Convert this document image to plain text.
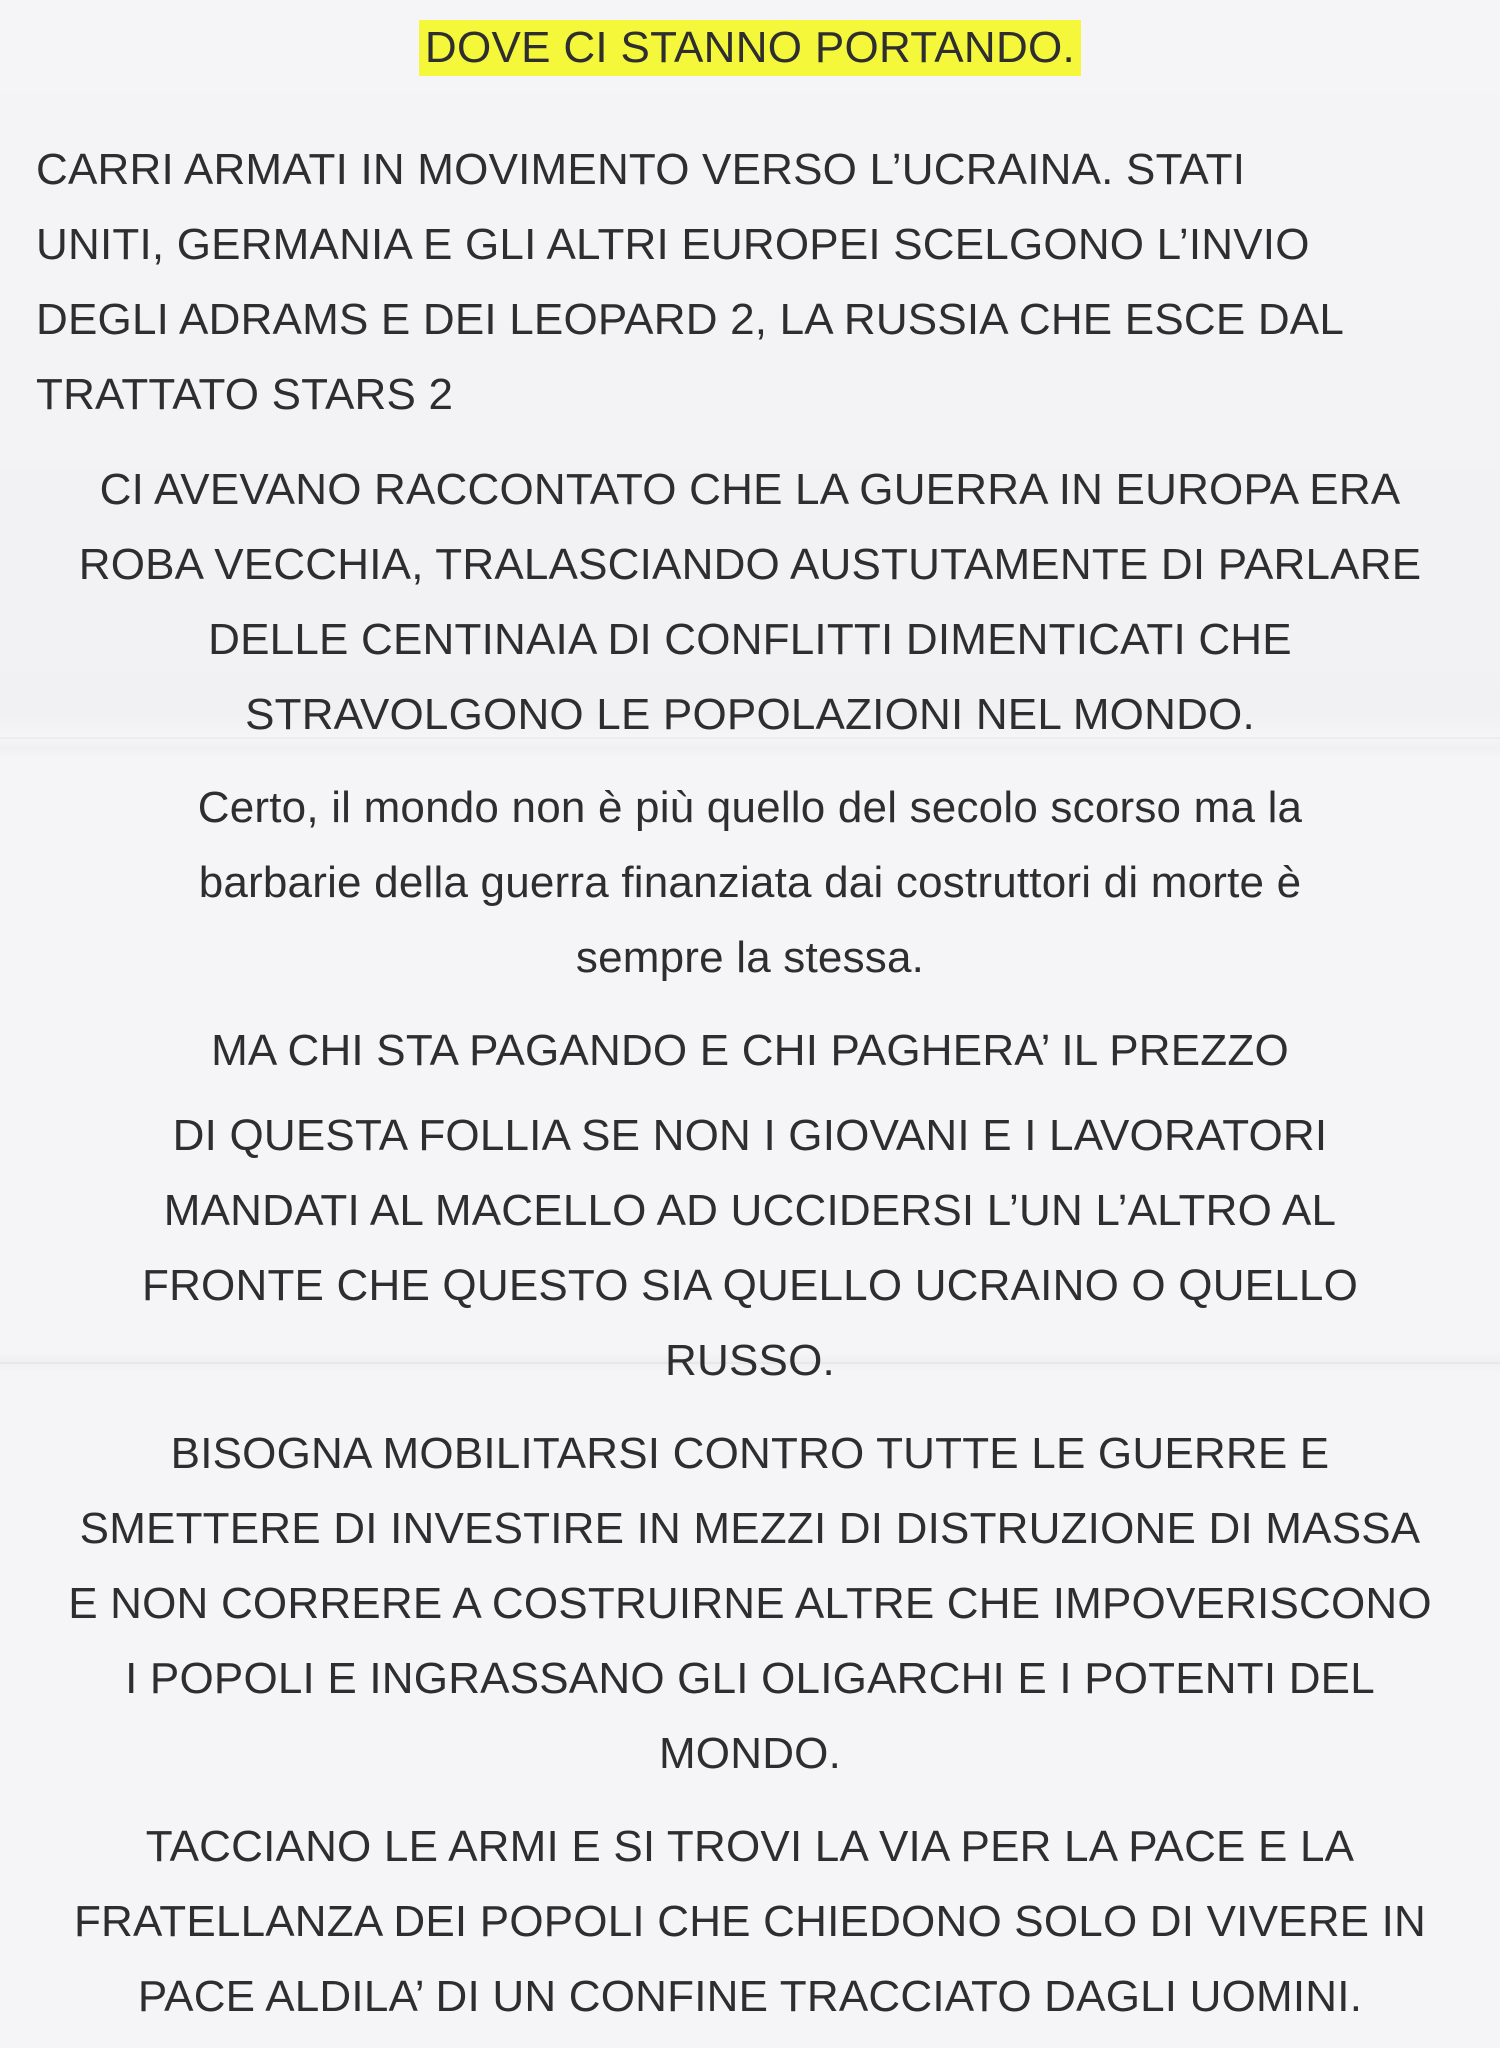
DOVE CI STANNO PORTANDO.

CARRI ARMATI IN MOVIMENTO VERSO L’UCRAINA. STATI
UNITI, GERMANIA E GLI ALTRI EUROPEI SCELGONO L’INVIO
DEGLI ADRAMS E DEI LEOPARD 2, LA RUSSIA CHE ESCE DAL
TRATTATO STARS 2

CI AVEVANO RACCONTATO CHE LA GUERRA IN EUROPA ERA
ROBA VECCHIA, TRALASCIANDO AUSTUTAMENTE DI PARLARE
DELLE CENTINAIA DI CONFLITTI DIMENTICATI CHE
STRAVOLGONO LE POPOLAZIONI NEL MONDO.

Certo, il mondo non è più quello del secolo scorso ma la
barbarie della guerra finanziata dai costruttori di morte è
sempre la stessa.

MA CHI STA PAGANDO E CHI PAGHERA’ IL PREZZO

DI QUESTA FOLLIA SE NON I GIOVANI E I LAVORATORI
MANDATI AL MACELLO AD UCCIDERSI L’UN L’ALTRO AL
FRONTE CHE QUESTO SIA QUELLO UCRAINO O QUELLO
RUSSO.

BISOGNA MOBILITARSI CONTRO TUTTE LE GUERRE E
SMETTERE DI INVESTIRE IN MEZZI DI DISTRUZIONE DI MASSA
E NON CORRERE A COSTRUIRNE ALTRE CHE IMPOVERISCONO
I POPOLI E INGRASSANO GLI OLIGARCHI E I POTENTI DEL
MONDO.

TACCIANO LE ARMI E SI TROVI LA VIA PER LA PACE E LA
FRATELLANZA DEI POPOLI CHE CHIEDONO SOLO DI VIVERE IN
PACE ALDILA’ DI UN CONFINE TRACCIATO DAGLI UOMINI.
